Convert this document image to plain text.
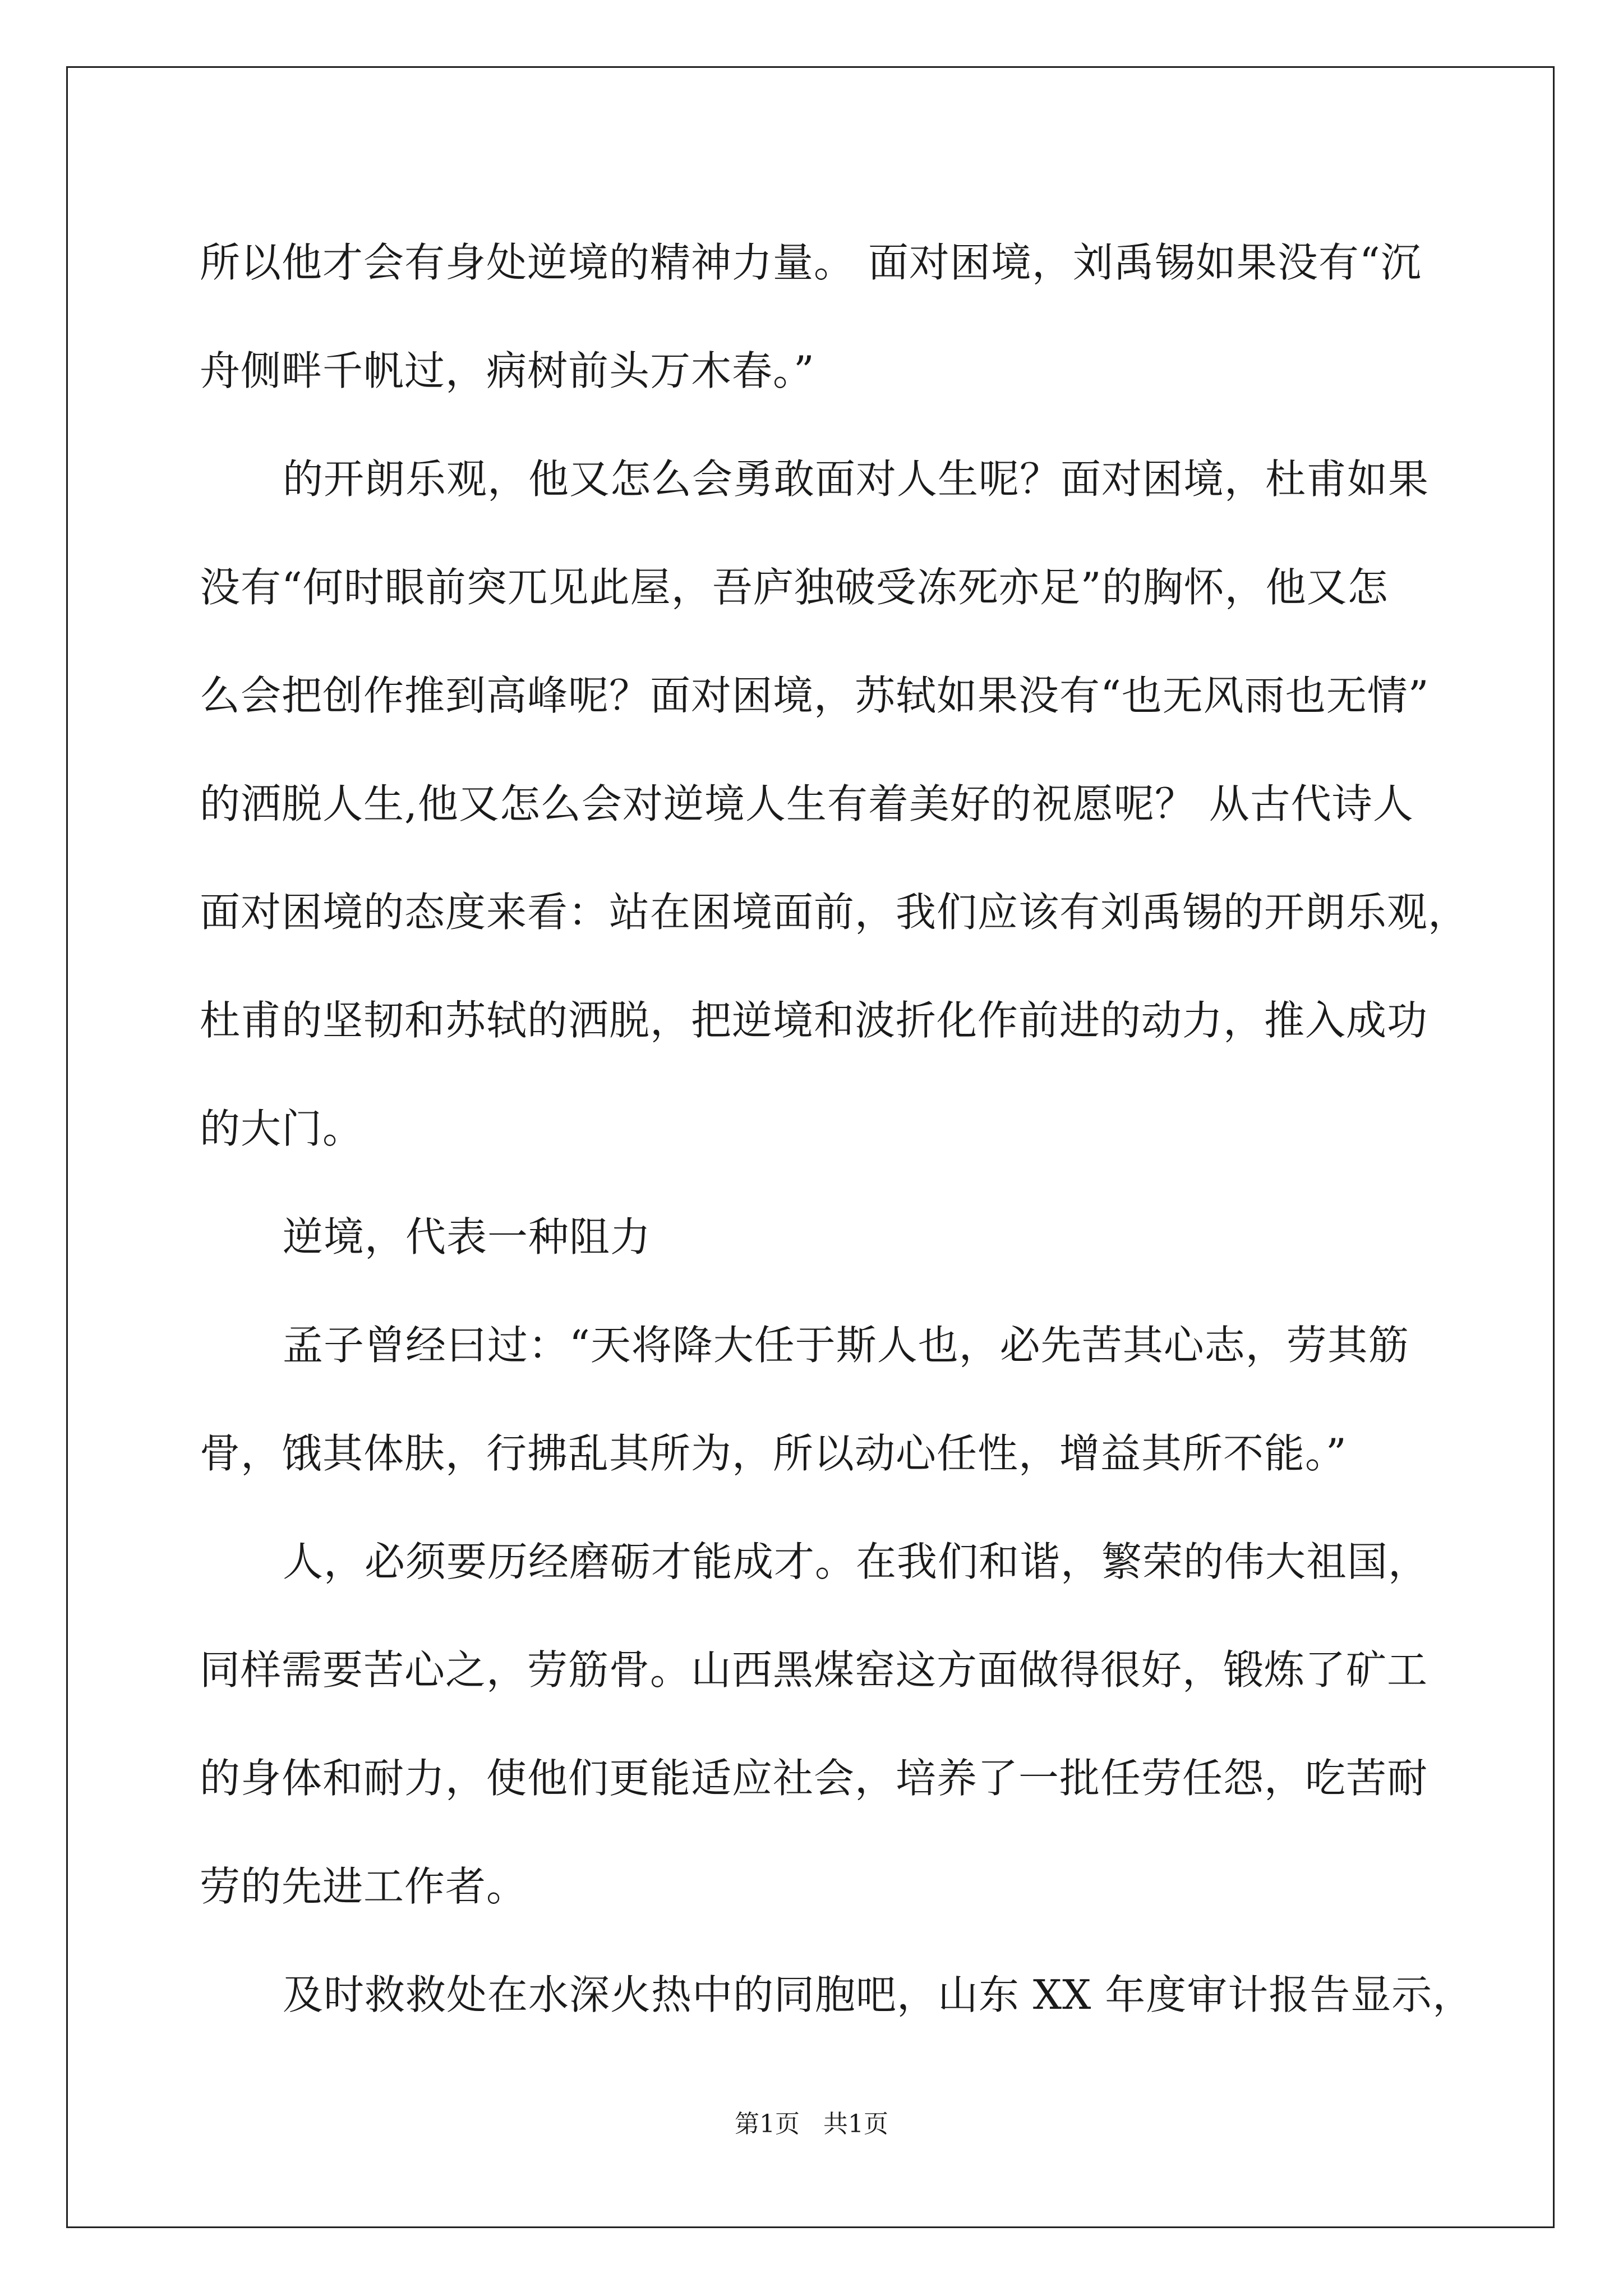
所以他才会有身处逆境的精神力量。 面对困境，刘禹锡如果没有“沉
舟侧畔千帆过，病树前头万木春。”
的开朗乐观，他又怎么会勇敢面对人生呢？面对困境，杜甫如果
没有“何时眼前突兀见此屋，吾庐独破受冻死亦足”的胸怀，他又怎
么会把创作推到高峰呢？面对困境，苏轼如果没有“也无风雨也无情”
的洒脱人生,他又怎么会对逆境人生有着美好的祝愿呢？ 从古代诗人
面对困境的态度来看：站在困境面前，我们应该有刘禹锡的开朗乐观，
杜甫的坚韧和苏轼的洒脱，把逆境和波折化作前进的动力，推入成功
的大门。
逆境，代表一种阻力
孟子曾经曰过：“天将降大任于斯人也，必先苦其心志，劳其筋
骨，饿其体肤，行拂乱其所为，所以动心任性，增益其所不能。”
人，必须要历经磨砺才能成才。在我们和谐，繁荣的伟大祖国，
同样需要苦心之，劳筋骨。山西黑煤窑这方面做得很好，锻炼了矿工
的身体和耐力，使他们更能适应社会，培养了一批任劳任怨，吃苦耐
劳的先进工作者。
及时救救处在水深火热中的同胞吧，山东 XX 年度审计报告显示，
第1页   共1页
